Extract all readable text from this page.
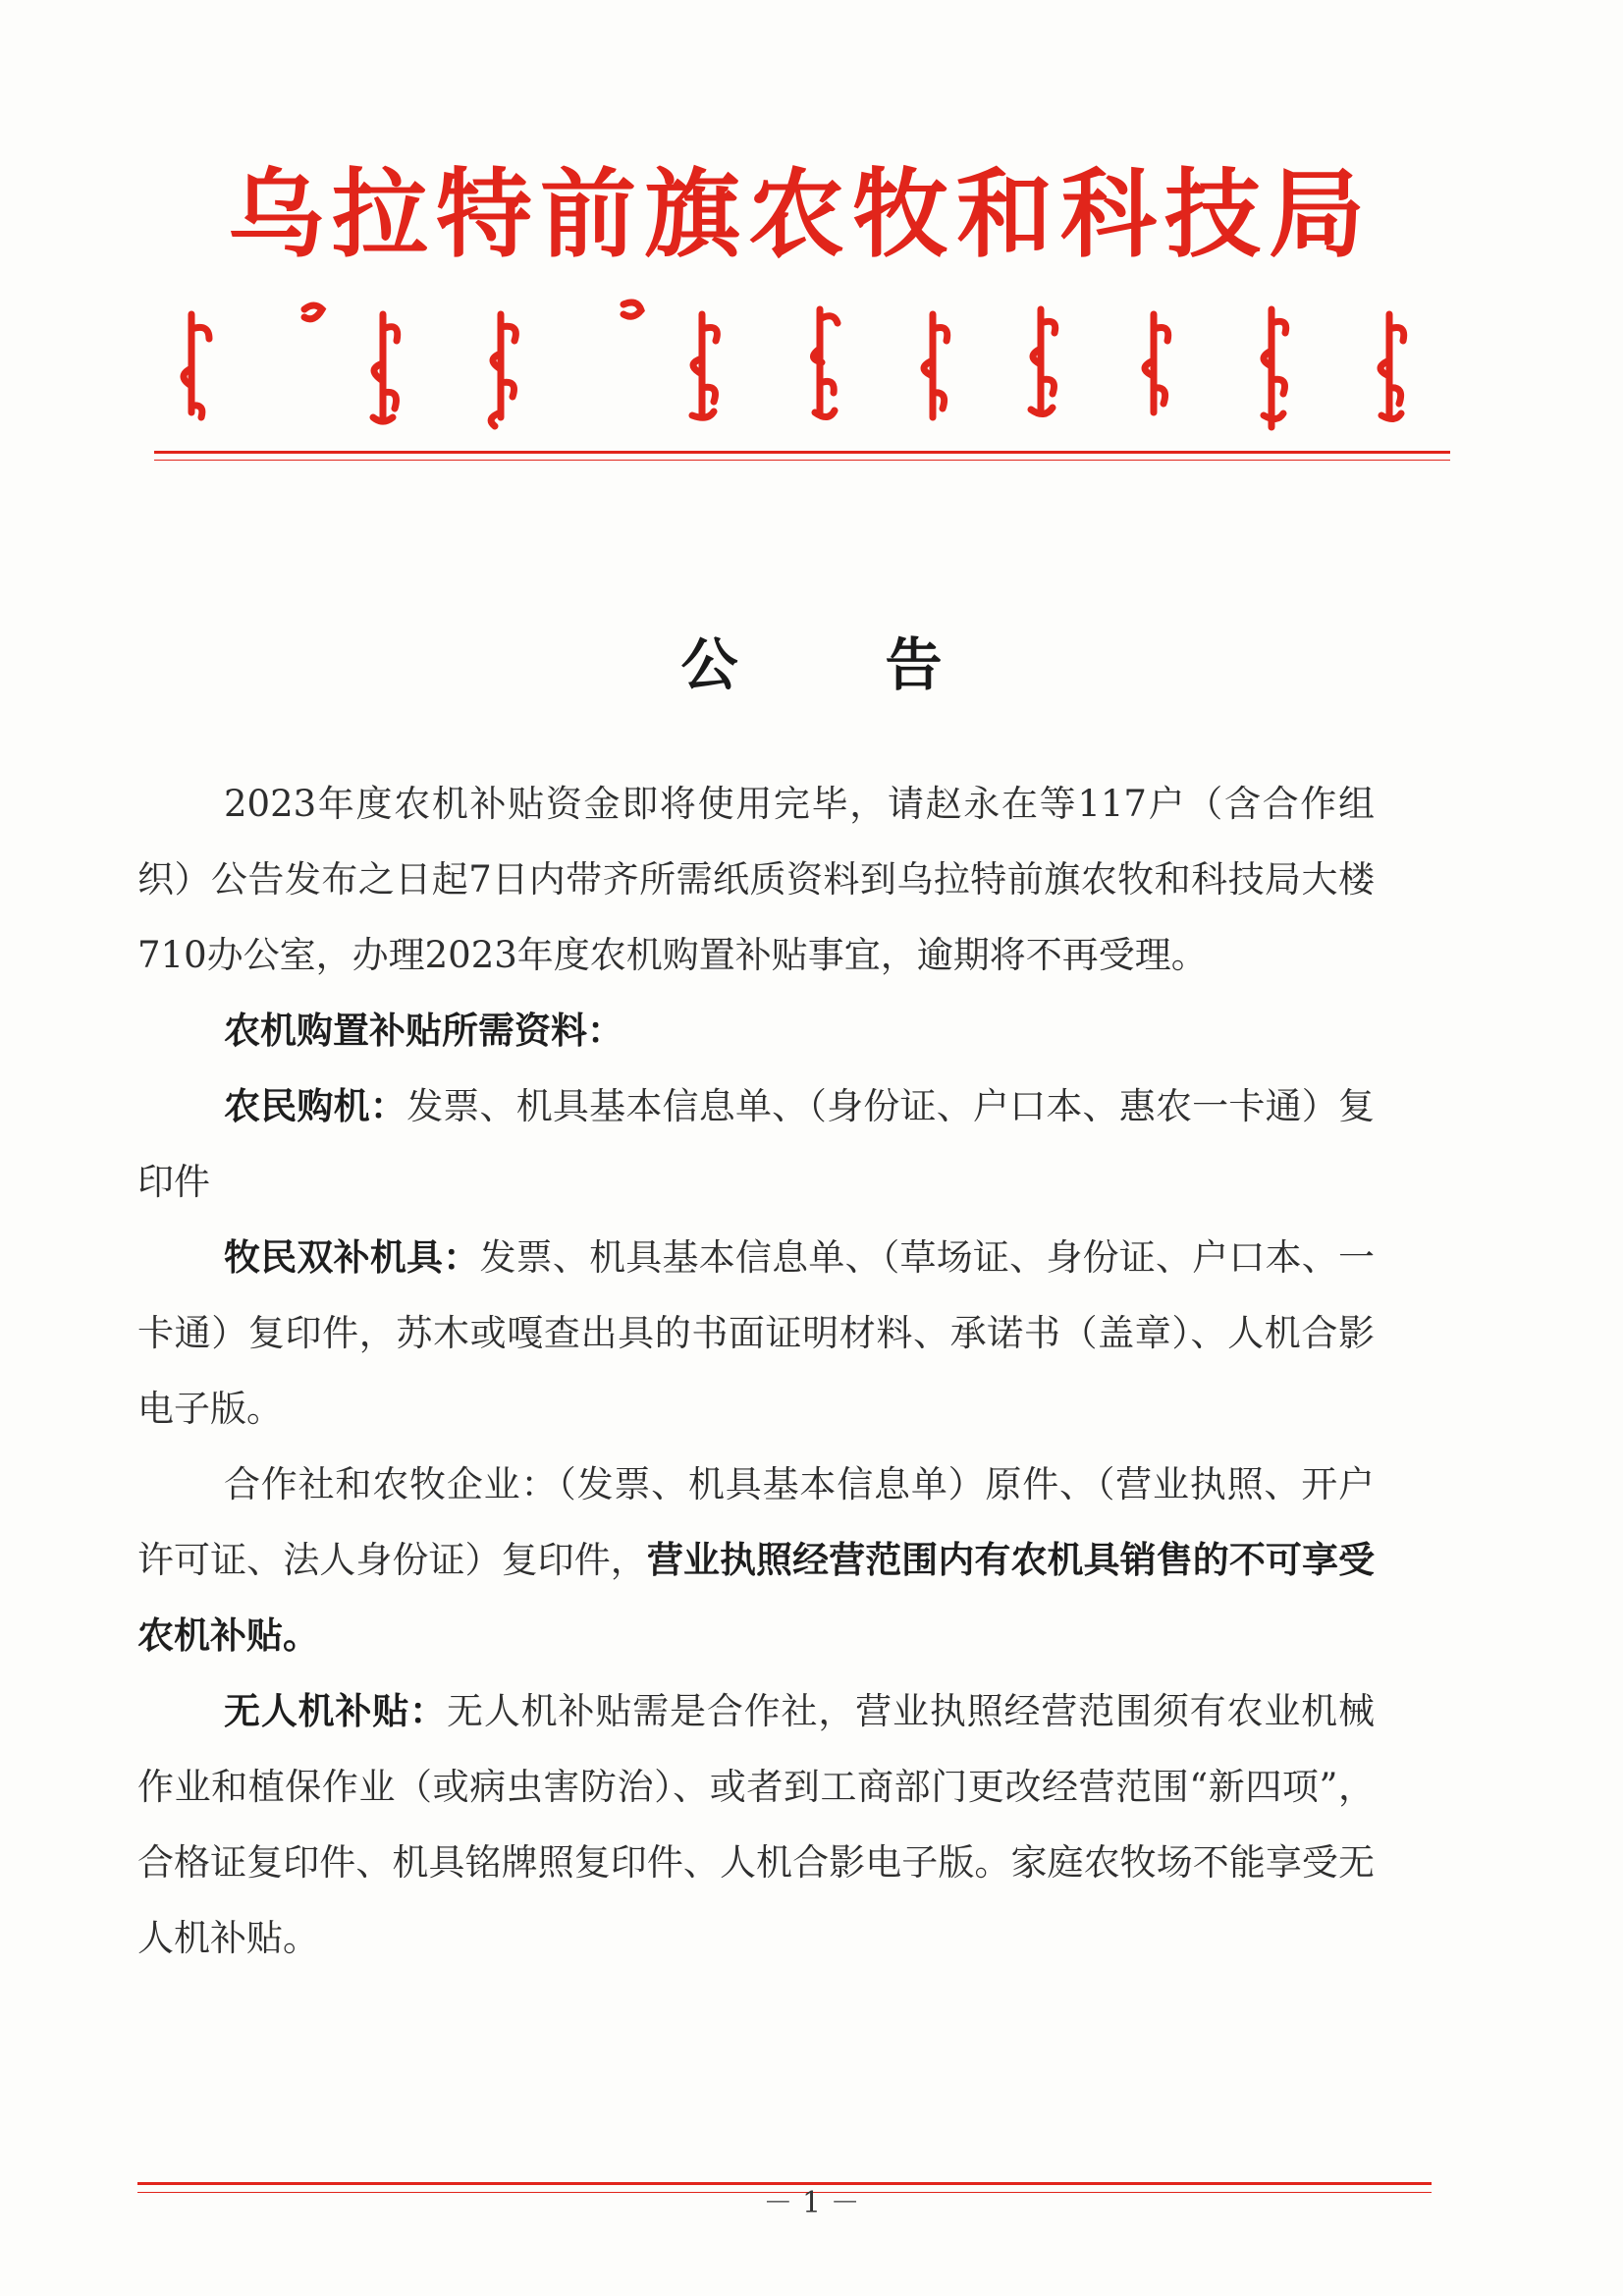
乌拉特前旗农牧和科技局
公告

2023年度农机补贴资金即将使用完毕，请赵永在等117户（含合作组织）公告发布之日起7日内带齐所需纸质资料到乌拉特前旗农牧和科技局大楼710办公室，办理2023年度农机购置补贴事宜，逾期将不再受理。

农机购置补贴所需资料：

农民购机：发票、机具基本信息单、（身份证、户口本、惠农一卡通）复印件

牧民双补机具：发票、机具基本信息单、（草场证、身份证、户口本、一卡通）复印件，苏木或嘎查出具的书面证明材料、承诺书（盖章）、人机合影电子版。

合作社和农牧企业：（发票、机具基本信息单）原件、（营业执照、开户许可证、法人身份证）复印件，营业执照经营范围内有农机具销售的不可享受农机补贴。

无人机补贴：无人机补贴需是合作社，营业执照经营范围须有农业机械作业和植保作业（或病虫害防治）、或者到工商部门更改经营范围“新四项”，合格证复印件、机具铭牌照复印件、人机合影电子版。家庭农牧场不能享受无人机补贴。

－ 1 －
